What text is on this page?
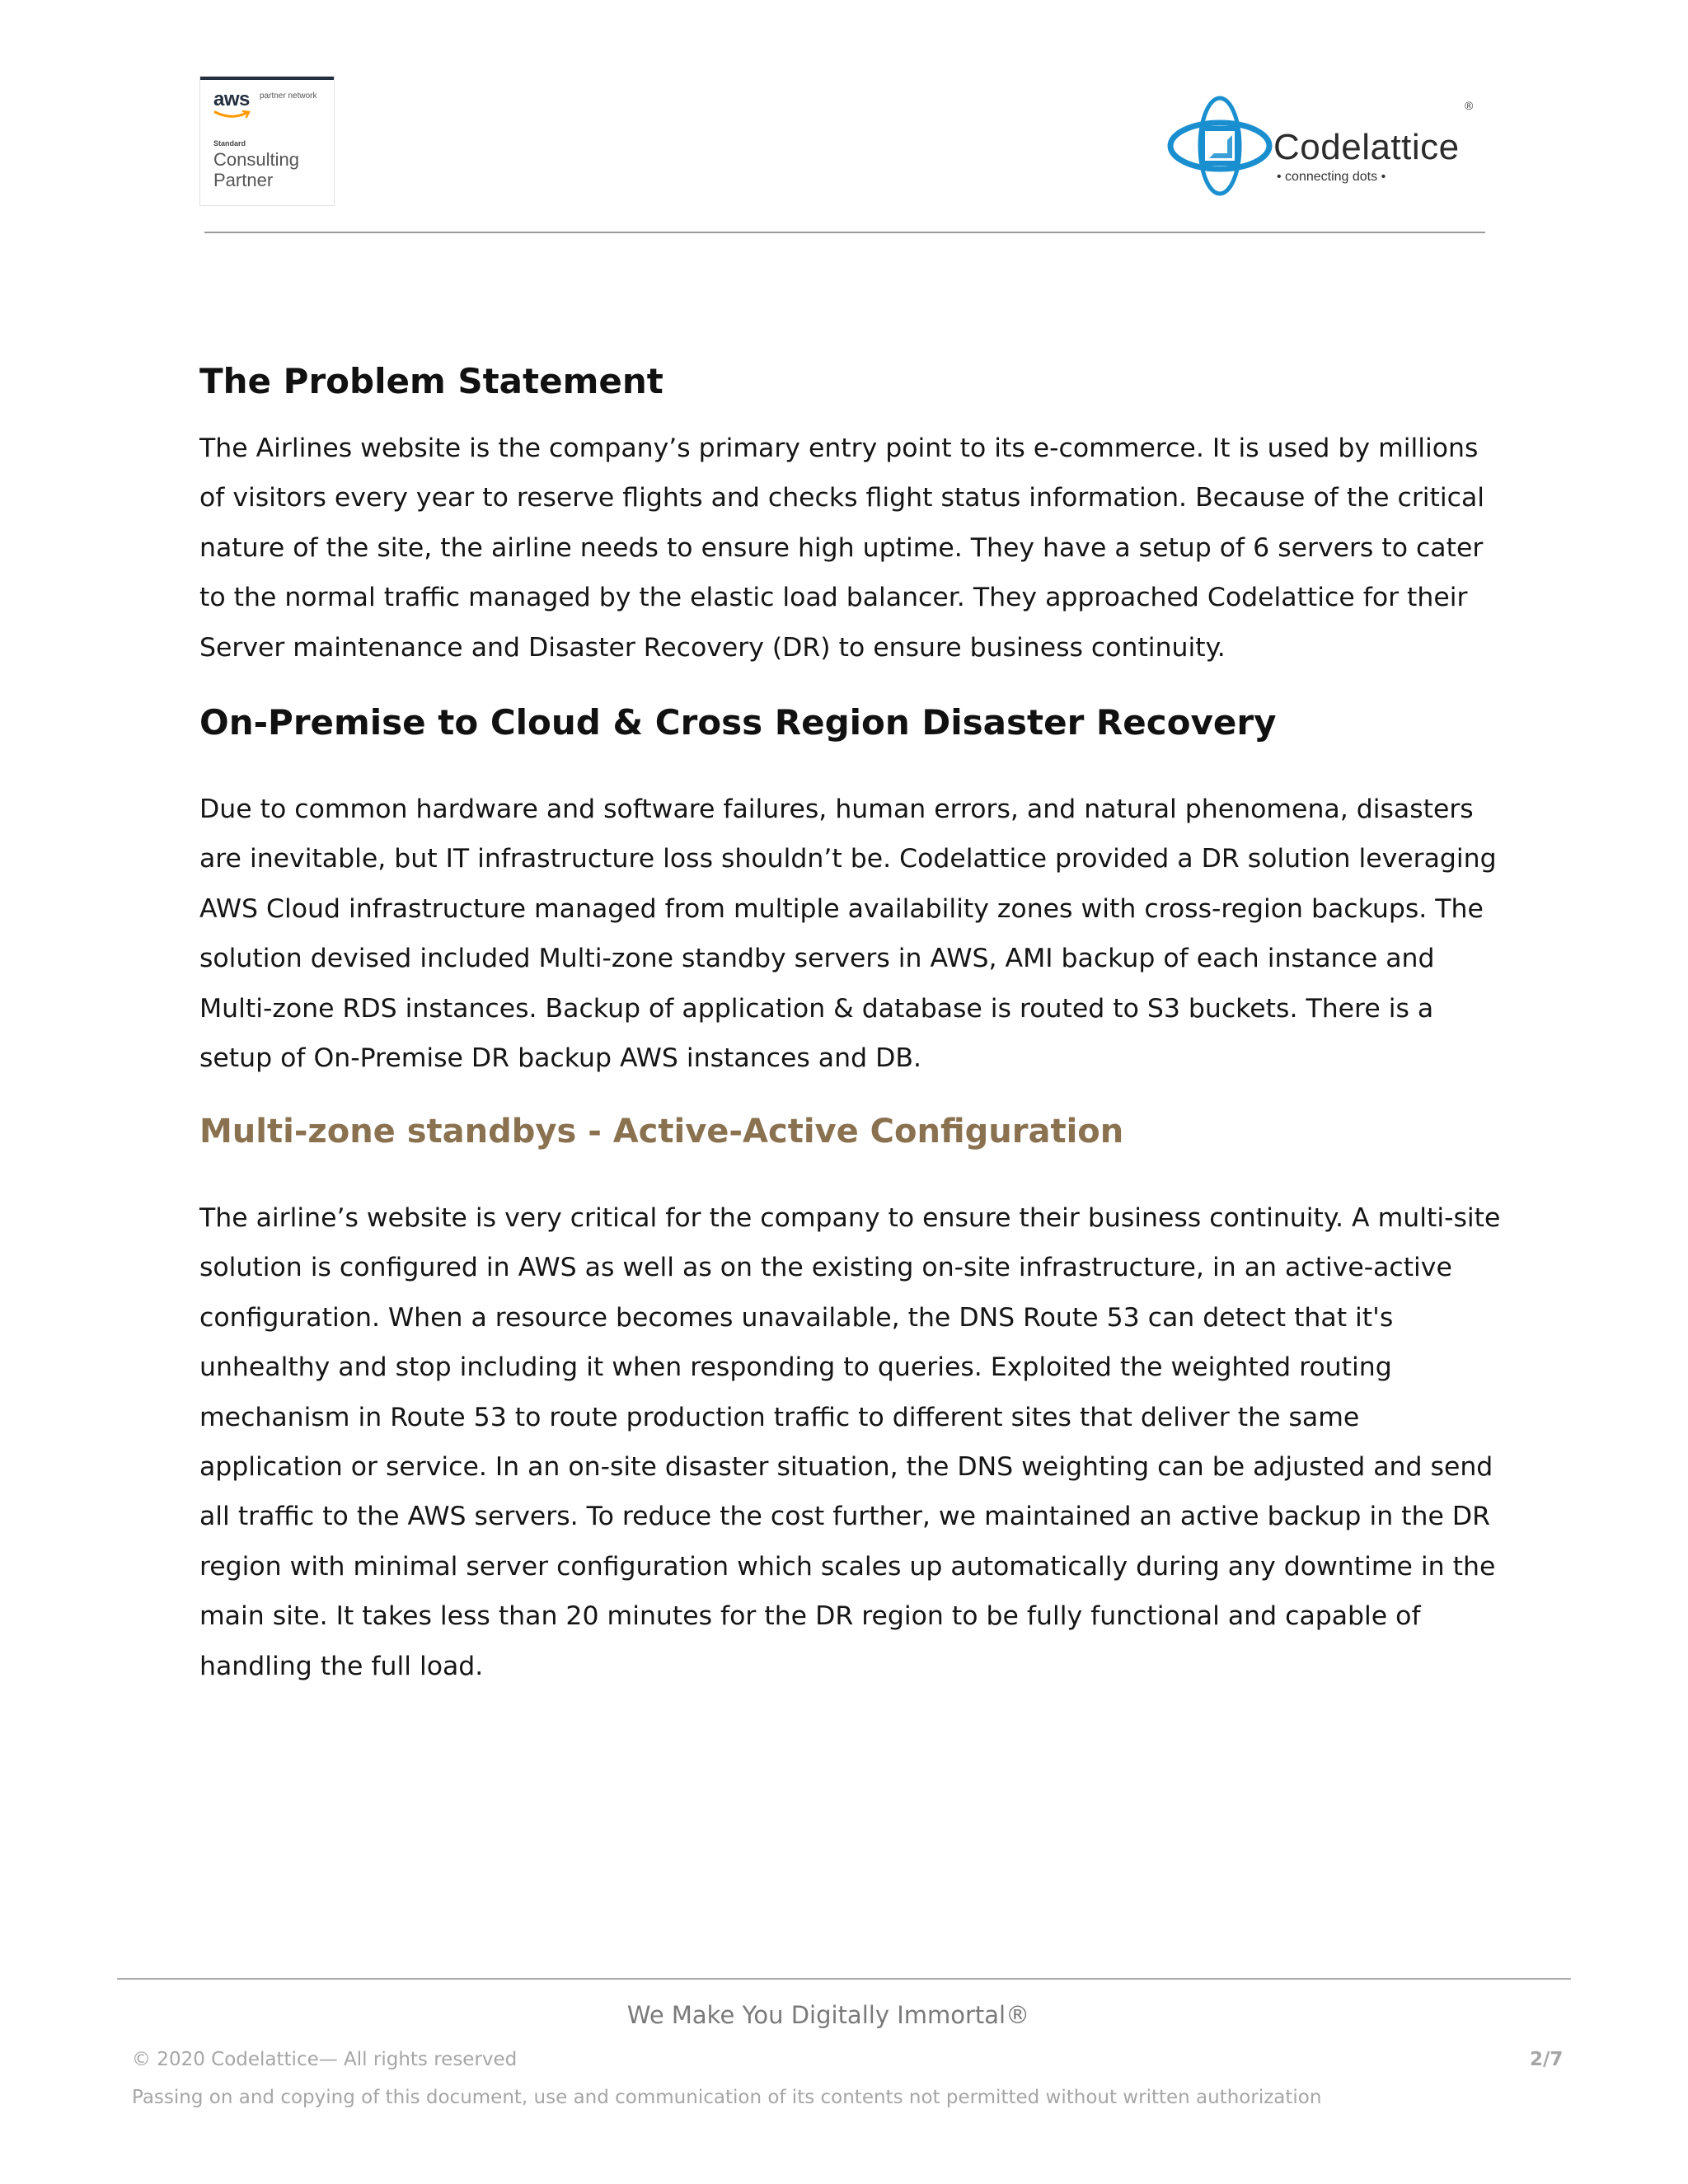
aws partner network
Standard
Consulting Partner
Codelattice
• connecting dots •
®
The Problem Statement

The Airlines website is the company’s primary entry point to its e-commerce. It is used by millions of visitors every year to reserve flights and checks flight status information. Because of the critical nature of the site, the airline needs to ensure high uptime. They have a setup of 6 servers to cater to the normal traffic managed by the elastic load balancer. They approached Codelattice for their Server maintenance and Disaster Recovery (DR) to ensure business continuity.

On-Premise to Cloud & Cross Region Disaster Recovery

Due to common hardware and software failures, human errors, and natural phenomena, disasters are inevitable, but IT infrastructure loss shouldn’t be. Codelattice provided a DR solution leveraging AWS Cloud infrastructure managed from multiple availability zones with cross-region backups. The solution devised included Multi-zone standby servers in AWS, AMI backup of each instance and Multi-zone RDS instances. Backup of application & database is routed to S3 buckets. There is a setup of On-Premise DR backup AWS instances and DB.

Multi-zone standbys - Active-Active Configuration

The airline’s website is very critical for the company to ensure their business continuity. A multi-site solution is configured in AWS as well as on the existing on-site infrastructure, in an active-active configuration. When a resource becomes unavailable, the DNS Route 53 can detect that it's unhealthy and stop including it when responding to queries. Exploited the weighted routing mechanism in Route 53 to route production traffic to different sites that deliver the same application or service. In an on-site disaster situation, the DNS weighting can be adjusted and send all traffic to the AWS servers. To reduce the cost further, we maintained an active backup in the DR region with minimal server configuration which scales up automatically during any downtime in the main site. It takes less than 20 minutes for the DR region to be fully functional and capable of handling the full load.

We Make You Digitally Immortal®
© 2020 Codelattice— All rights reserved	2/7
Passing on and copying of this document, use and communication of its contents not permitted without written authorization
